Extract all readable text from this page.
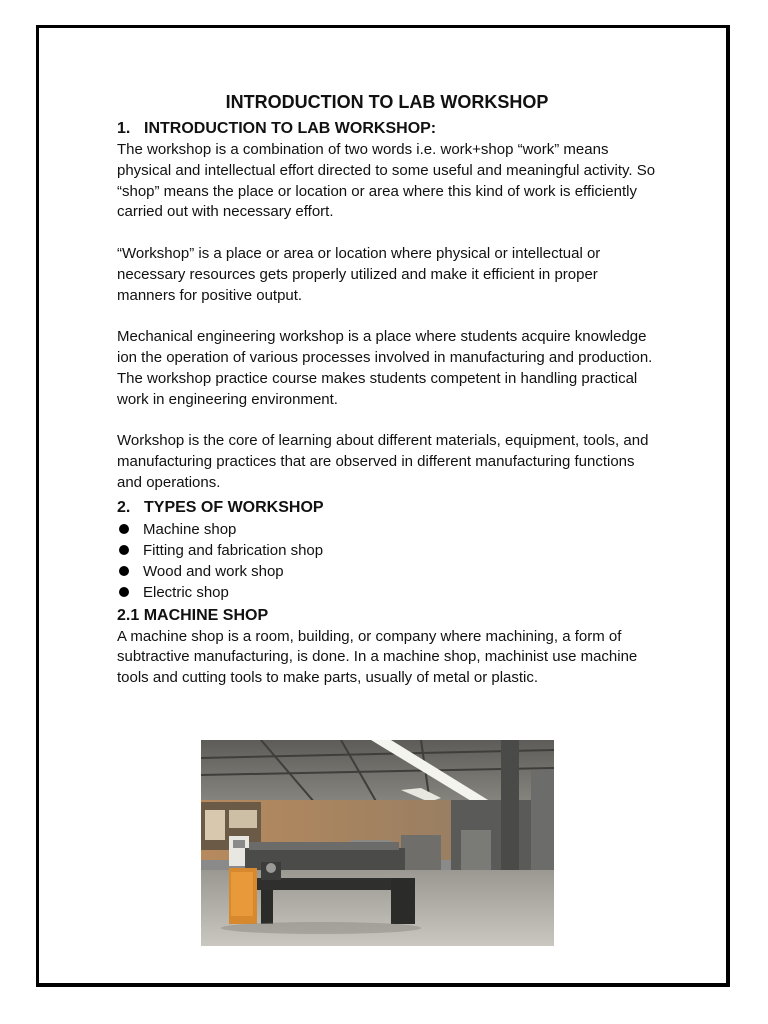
INTRODUCTION TO LAB WORKSHOP
1. INTRODUCTION TO LAB WORKSHOP:

The workshop is a combination of two words i.e. work+shop “work” means physical and intellectual effort directed to some useful and meaningful activity. So “shop” means the place or location or area where this kind of work is efficiently carried out with necessary effort.

“Workshop” is a place or area or location where physical or intellectual or necessary resources gets properly utilized and make it efficient in proper manners for positive output.

Mechanical engineering workshop is a place where students acquire knowledge ion the operation of various processes involved in manufacturing and production. The workshop practice course makes students competent in handling practical work in engineering environment.

Workshop is the core of learning about different materials, equipment, tools, and manufacturing practices that are observed in different manufacturing functions and operations.

2. TYPES OF WORKSHOP
Machine shop
Fitting and fabrication shop
Wood and work shop
Electric shop
2.1 MACHINE SHOP

A machine shop is a room, building, or company where machining, a form of subtractive manufacturing, is done. In a machine shop, machinist use machine tools and cutting tools to make parts, usually of metal or plastic.
